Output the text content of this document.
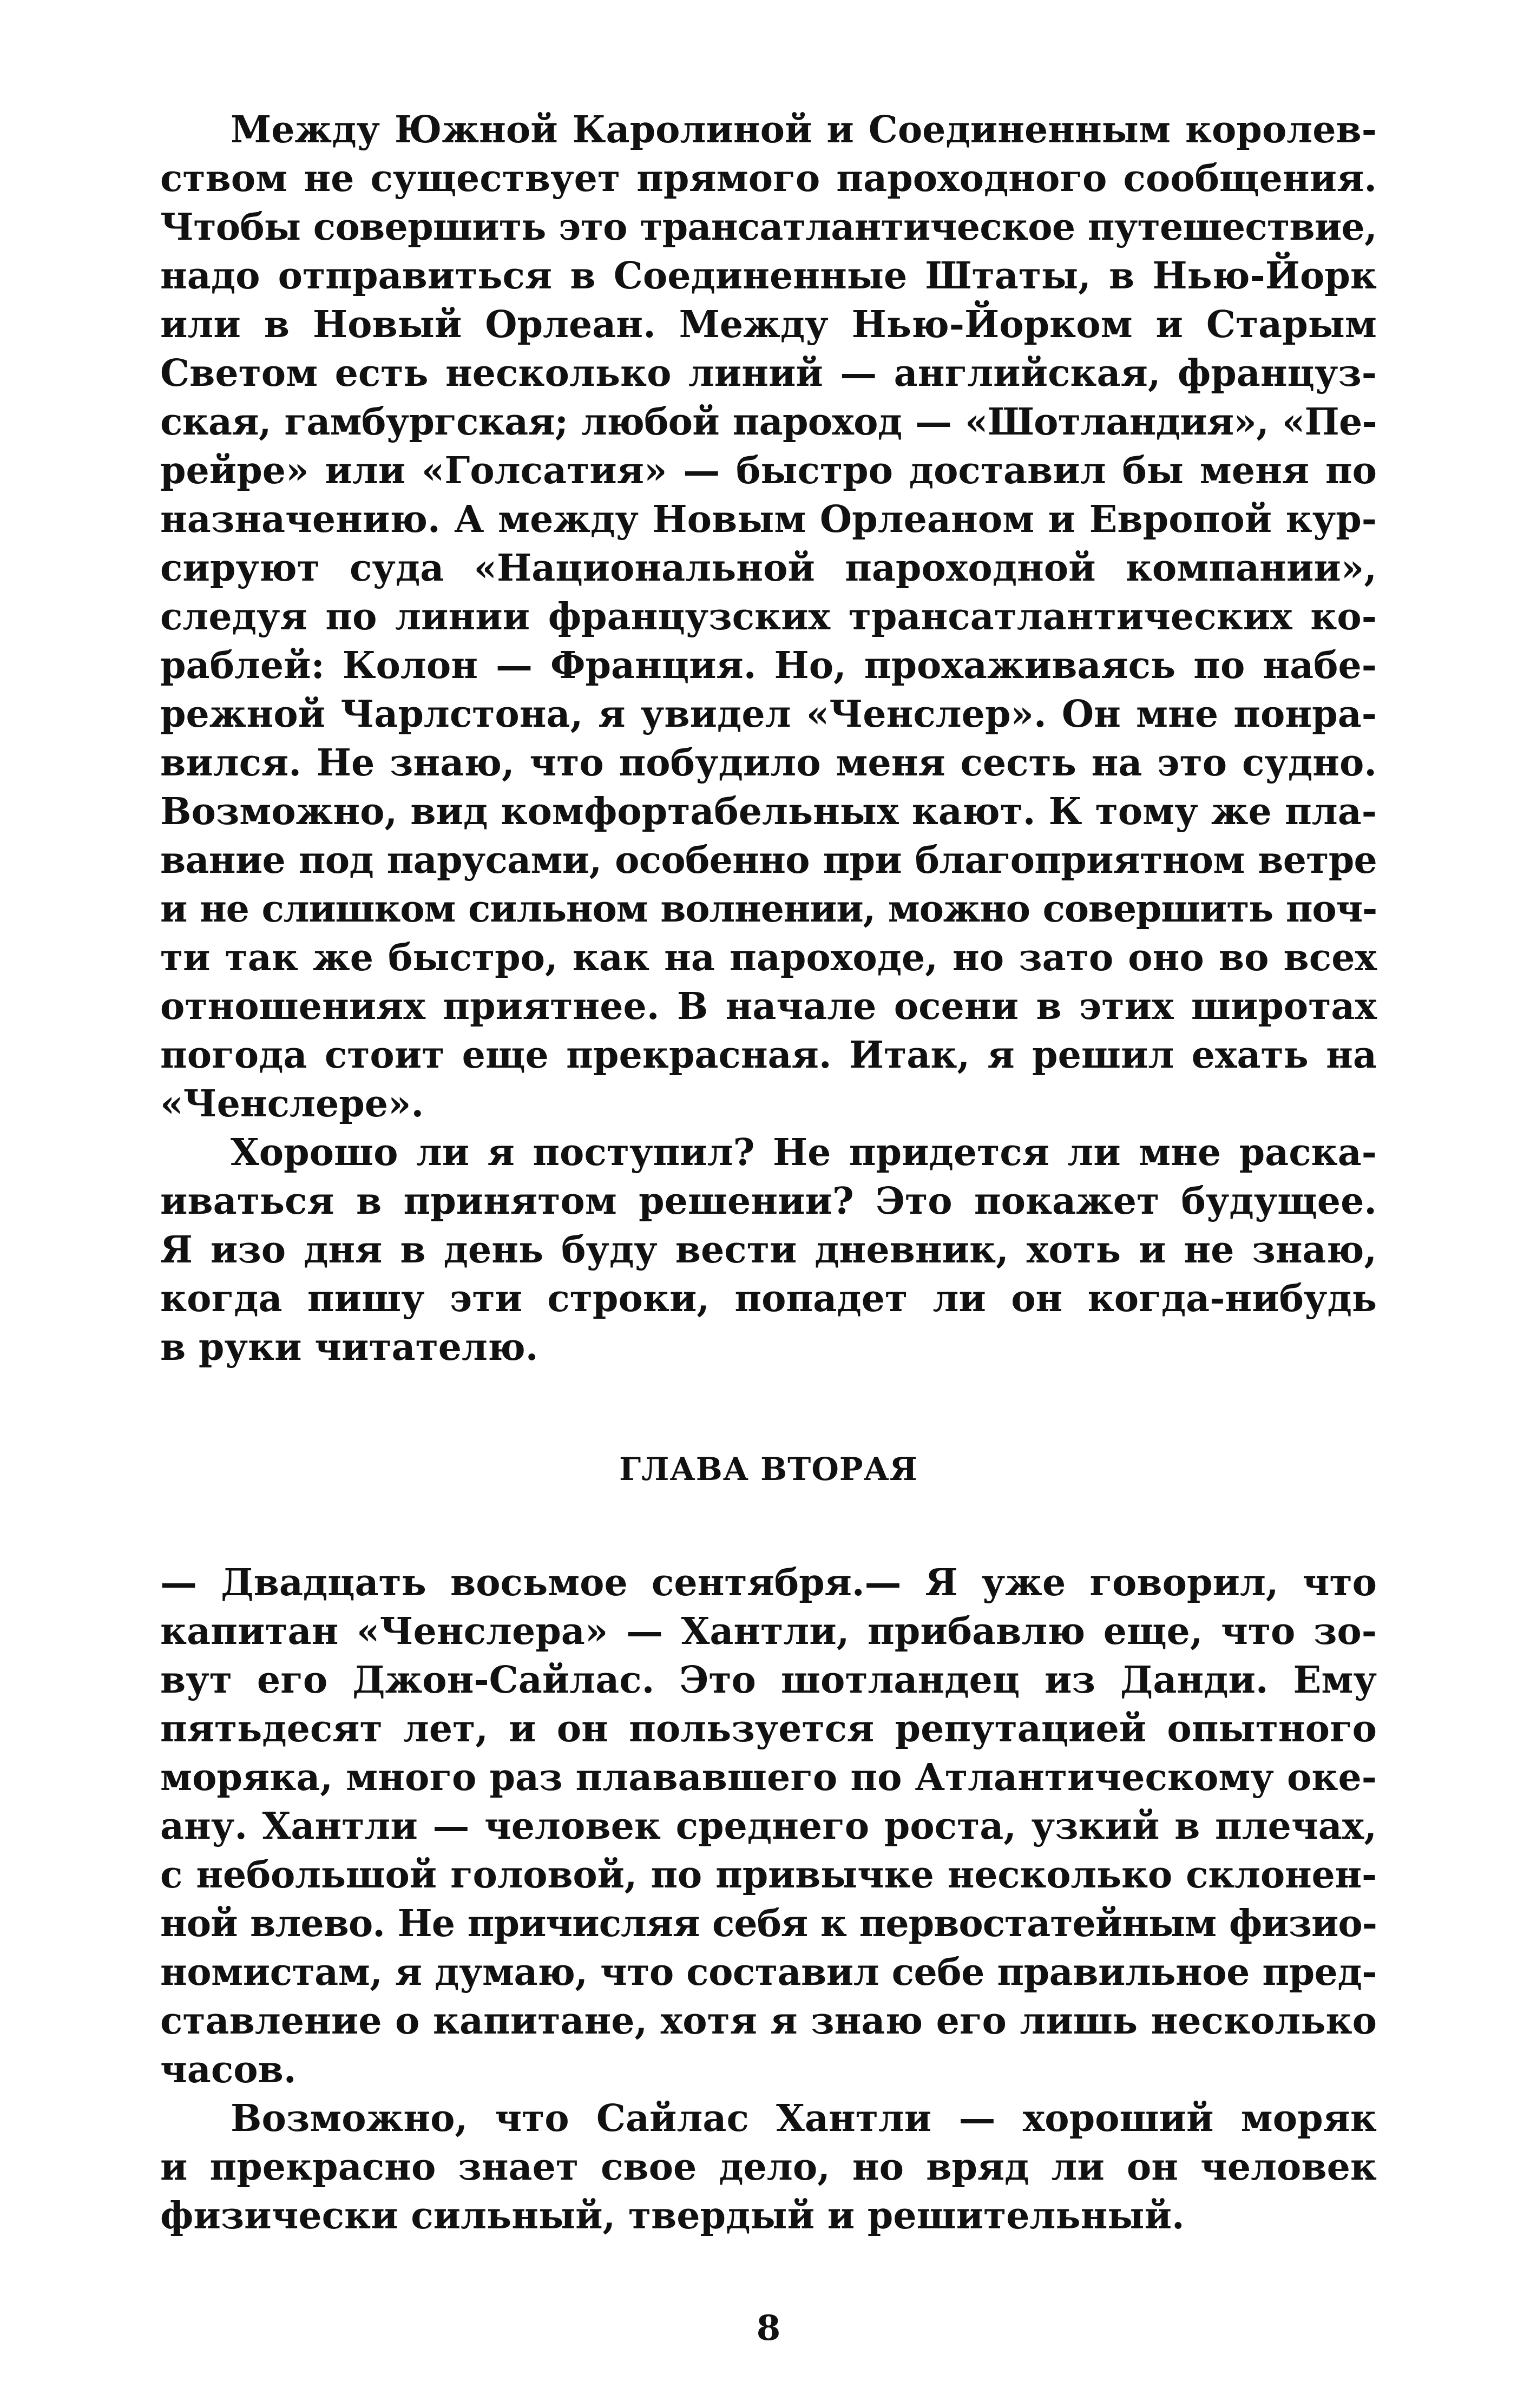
Между Южной Каролиной и Соединенным королев-
ством не существует прямого пароходного сообщения.
Чтобы совершить это трансатлантическое путешествие,
надо отправиться в Соединенные Штаты, в Нью-Йорк
или в Новый Орлеан. Между Нью-Йорком и Старым
Светом есть несколько линий — английская, француз-
ская, гамбургская; любой пароход — «Шотландия», «Пе-
рейре» или «Голсатия» — быстро доставил бы меня по
назначению. А между Новым Орлеаном и Европой кур-
сируют суда «Национальной пароходной компании»,
следуя по линии французских трансатлантических ко-
раблей: Колон — Франция. Но, прохаживаясь по набе-
режной Чарлстона, я увидел «Ченслер». Он мне понра-
вился. Не знаю, что побудило меня сесть на это судно.
Возможно, вид комфортабельных кают. К тому же пла-
вание под парусами, особенно при благоприятном ветре
и не слишком сильном волнении, можно совершить поч-
ти так же быстро, как на пароходе, но зато оно во всех
отношениях приятнее. В начале осени в этих широтах
погода стоит еще прекрасная. Итак, я решил ехать на
«Ченслере».
Хорошо ли я поступил? Не придется ли мне раска-
иваться в принятом решении? Это покажет будущее.
Я изо дня в день буду вести дневник, хоть и не знаю,
когда пишу эти строки, попадет ли он когда-нибудь
в руки читателю.
ГЛАВА ВТОРАЯ
— Двадцать восьмое сентября.— Я уже говорил, что
капитан «Ченслера» — Хантли, прибавлю еще, что зо-
вут его Джон-Сайлас. Это шотландец из Данди. Ему
пятьдесят лет, и он пользуется репутацией опытного
моряка, много раз плававшего по Атлантическому оке-
ану. Хантли — человек среднего роста, узкий в плечах,
с небольшой головой, по привычке несколько склонен-
ной влево. Не причисляя себя к первостатейным физио-
номистам, я думаю, что составил себе правильное пред-
ставление о капитане, хотя я знаю его лишь несколько
часов.
Возможно, что Сайлас Хантли — хороший моряк
и прекрасно знает свое дело, но вряд ли он человек
физически сильный, твердый и решительный.
8
